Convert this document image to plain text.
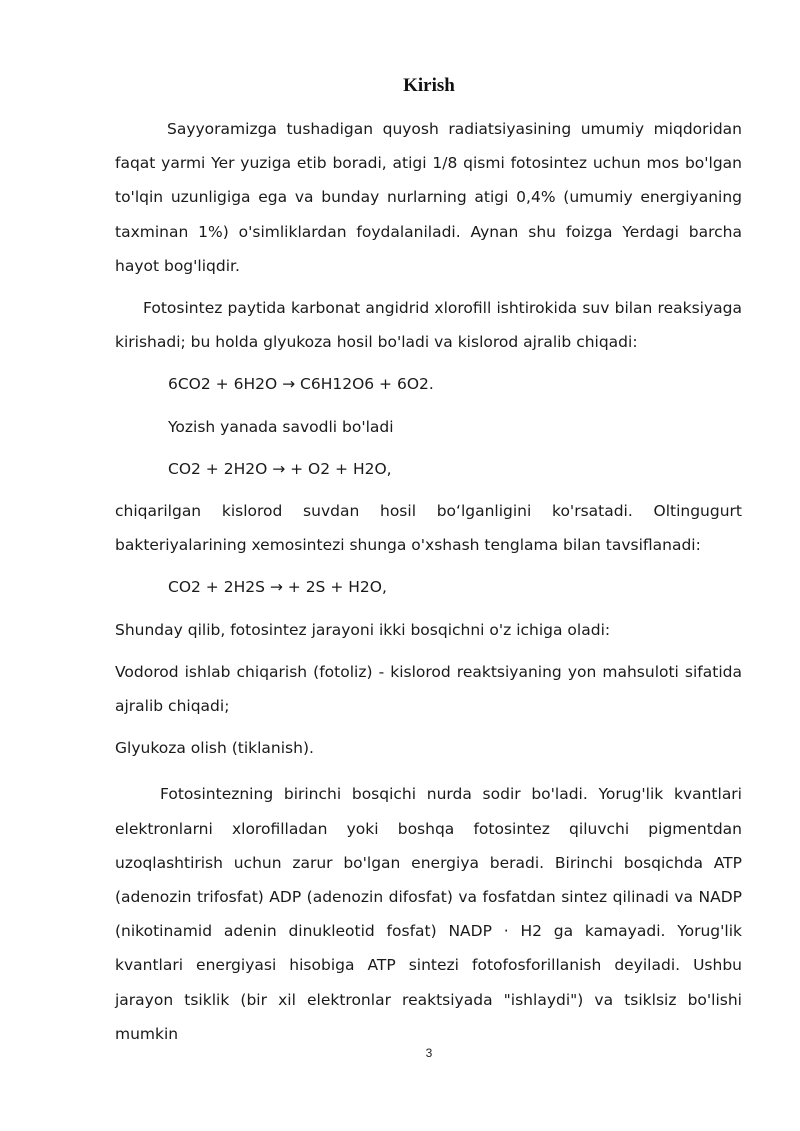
Kirish

Sayyoramizga tushadigan quyosh radiatsiyasining umumiy miqdoridan faqat yarmi Yer yuziga etib boradi, atigi 1/8 qismi fotosintez uchun mos bo'lgan to'lqin uzunligiga ega va bunday nurlarning atigi 0,4% (umumiy energiyaning taxminan 1%) o'simliklardan foydalaniladi. Aynan shu foizga Yerdagi barcha hayot bog'liqdir.

Fotosintez paytida karbonat angidrid xlorofill ishtirokida suv bilan reaksiyaga kirishadi; bu holda glyukoza hosil bo'ladi va kislorod ajralib chiqadi:

6CO2 + 6H2O → C6H12O6 + 6O2.

Yozish yanada savodli bo'ladi

CO2 + 2H2O → + O2 + H2O,

chiqarilgan kislorod suvdan hosil boʻlganligini ko'rsatadi. Oltingugurt bakteriyalarining xemosintezi shunga o'xshash tenglama bilan tavsiflanadi:

CO2 + 2H2S → + 2S + H2O,

Shunday qilib, fotosintez jarayoni ikki bosqichni o'z ichiga oladi:

Vodorod ishlab chiqarish (fotoliz) - kislorod reaktsiyaning yon mahsuloti sifatida ajralib chiqadi;

Glyukoza olish (tiklanish).

Fotosintezning birinchi bosqichi nurda sodir bo'ladi. Yorug'lik kvantlari elektronlarni xlorofilladan yoki boshqa fotosintez qiluvchi pigmentdan uzoqlashtirish uchun zarur bo'lgan energiya beradi. Birinchi bosqichda ATP (adenozin trifosfat) ADP (adenozin difosfat) va fosfatdan sintez qilinadi va NADP (nikotinamid adenin dinukleotid fosfat) NADP · H2 ga kamayadi. Yorug'lik kvantlari energiyasi hisobiga ATP sintezi fotofosforillanish deyiladi. Ushbu jarayon tsiklik (bir xil elektronlar reaktsiyada "ishlaydi") va tsiklsiz bo'lishi mumkin

3
